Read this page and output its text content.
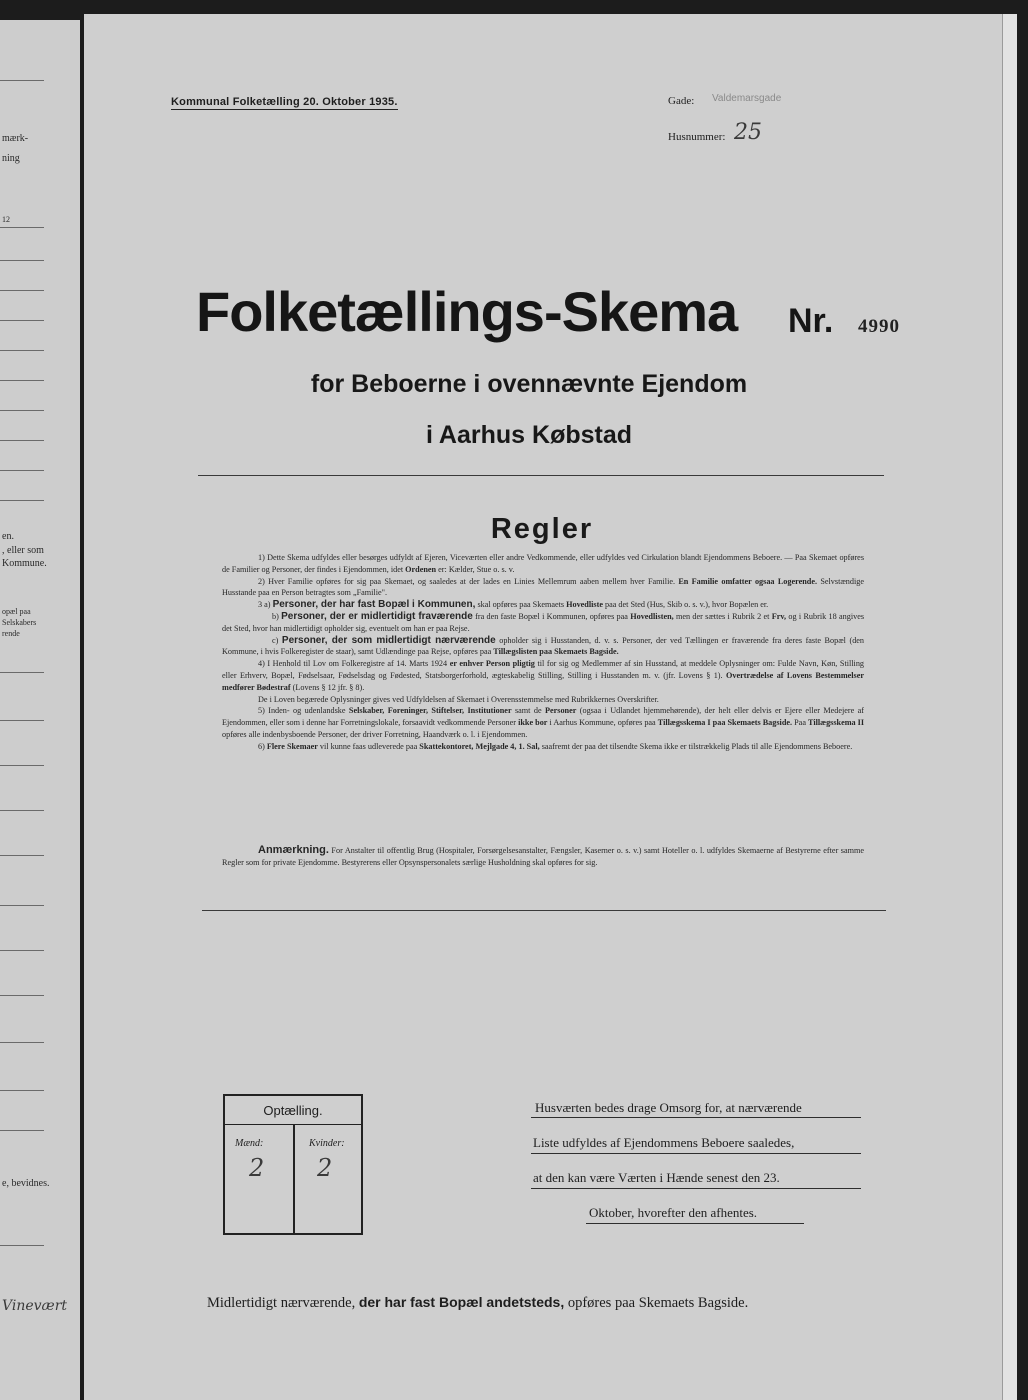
mærk-
ning
12
en.
, eller som
Kommune.
opæl paa
Selskabers
rende
e, bevidnes.
Vinevært
Kommunal Folketælling 20. Oktober 1935.	Gade: Valdemarsgade
Husnummer: 25
Folketællings-Skema Nr. 4990
for Beboerne i ovennævnte Ejendom
i Aarhus Købstad
Regler

1) Dette Skema udfyldes eller besørges udfyldt af Ejeren, Viceværten eller andre Vedkommende, eller udfyldes ved Cirkulation blandt Ejendommens Beboere. — Paa Skemaet opføres de Familier og Personer, der findes i Ejendommen, idet Ordenen er: Kælder, Stue o. s. v.

2) Hver Familie opføres for sig paa Skemaet, og saaledes at der lades en Linies Mellemrum aaben mellem hver Familie. En Familie omfatter ogsaa Logerende. Selvstændige Husstande paa en Person betragtes som „Familie".

3 a) Personer, der har fast Bopæl i Kommunen, skal opføres paa Skemaets Hovedliste paa det Sted (Hus, Skib o. s. v.), hvor Bopælen er.

b) Personer, der er midlertidigt fraværende fra den faste Bopæl i Kommunen, opføres paa Hovedlisten, men der sættes i Rubrik 2 et Frv, og i Rubrik 18 angives det Sted, hvor han midlertidigt opholder sig, eventuelt om han er paa Rejse.

c) Personer, der som midlertidigt nærværende opholder sig i Husstanden, d. v. s. Personer, der ved Tællingen er fraværende fra deres faste Bopæl (den Kommune, i hvis Folkeregister de staar), samt Udlændinge paa Rejse, opføres paa Tillægslisten paa Skemaets Bagside.

4) I Henhold til Lov om Folkeregistre af 14. Marts 1924 er enhver Person pligtig til for sig og Medlemmer af sin Husstand, at meddele Oplysninger om: Fulde Navn, Køn, Stilling eller Erhverv, Bopæl, Fødselsaar, Fødselsdag og Fødested, Statsborgerforhold, ægteskabelig Stilling, Stilling i Husstanden m. v. (jfr. Lovens § 1). Overtrædelse af Lovens Bestemmelser medfører Bødestraf (Lovens § 12 jfr. § 8).

De i Loven begærede Oplysninger gives ved Udfyldelsen af Skemaet i Overensstemmelse med Rubrikkernes Overskrifter.

5) Inden- og udenlandske Selskaber, Foreninger, Stiftelser, Institutioner samt de Personer (ogsaa i Udlandet hjemmehørende), der helt eller delvis er Ejere eller Medejere af Ejendommen, eller som i denne har Forretningslokale, forsaavidt vedkommende Personer ikke bor i Aarhus Kommune, opføres paa Tillægsskema I paa Skemaets Bagside. Paa Tillægsskema II opføres alle indenbysboende Personer, der driver Forretning, Haandværk o. l. i Ejendommen.

6) Flere Skemaer vil kunne faas udleverede paa Skattekontoret, Mejlgade 4, 1. Sal, saafremt der paa det tilsendte Skema ikke er tilstrækkelig Plads til alle Ejendommens Beboere.

Anmærkning. For Anstalter til offentlig Brug (Hospitaler, Forsørgelsesanstalter, Fængsler, Kaserner o. s. v.) samt Hoteller o. l. udfyldes Skemaerne af Bestyrerne efter samme Regler som for private Ejendomme. Bestyrerens eller Opsynspersonalets særlige Husholdning skal opføres for sig.
Optælling.
Mænd:	Kvinder:
2 2
Husværten bedes drage Omsorg for, at nærværende
Liste udfyldes af Ejendommens Beboere saaledes,
at den kan være Værten i Hænde senest den 23.
Oktober, hvorefter den afhentes.
Midlertidigt nærværende, der har fast Bopæl andetsteds, opføres paa Skemaets Bagside.
